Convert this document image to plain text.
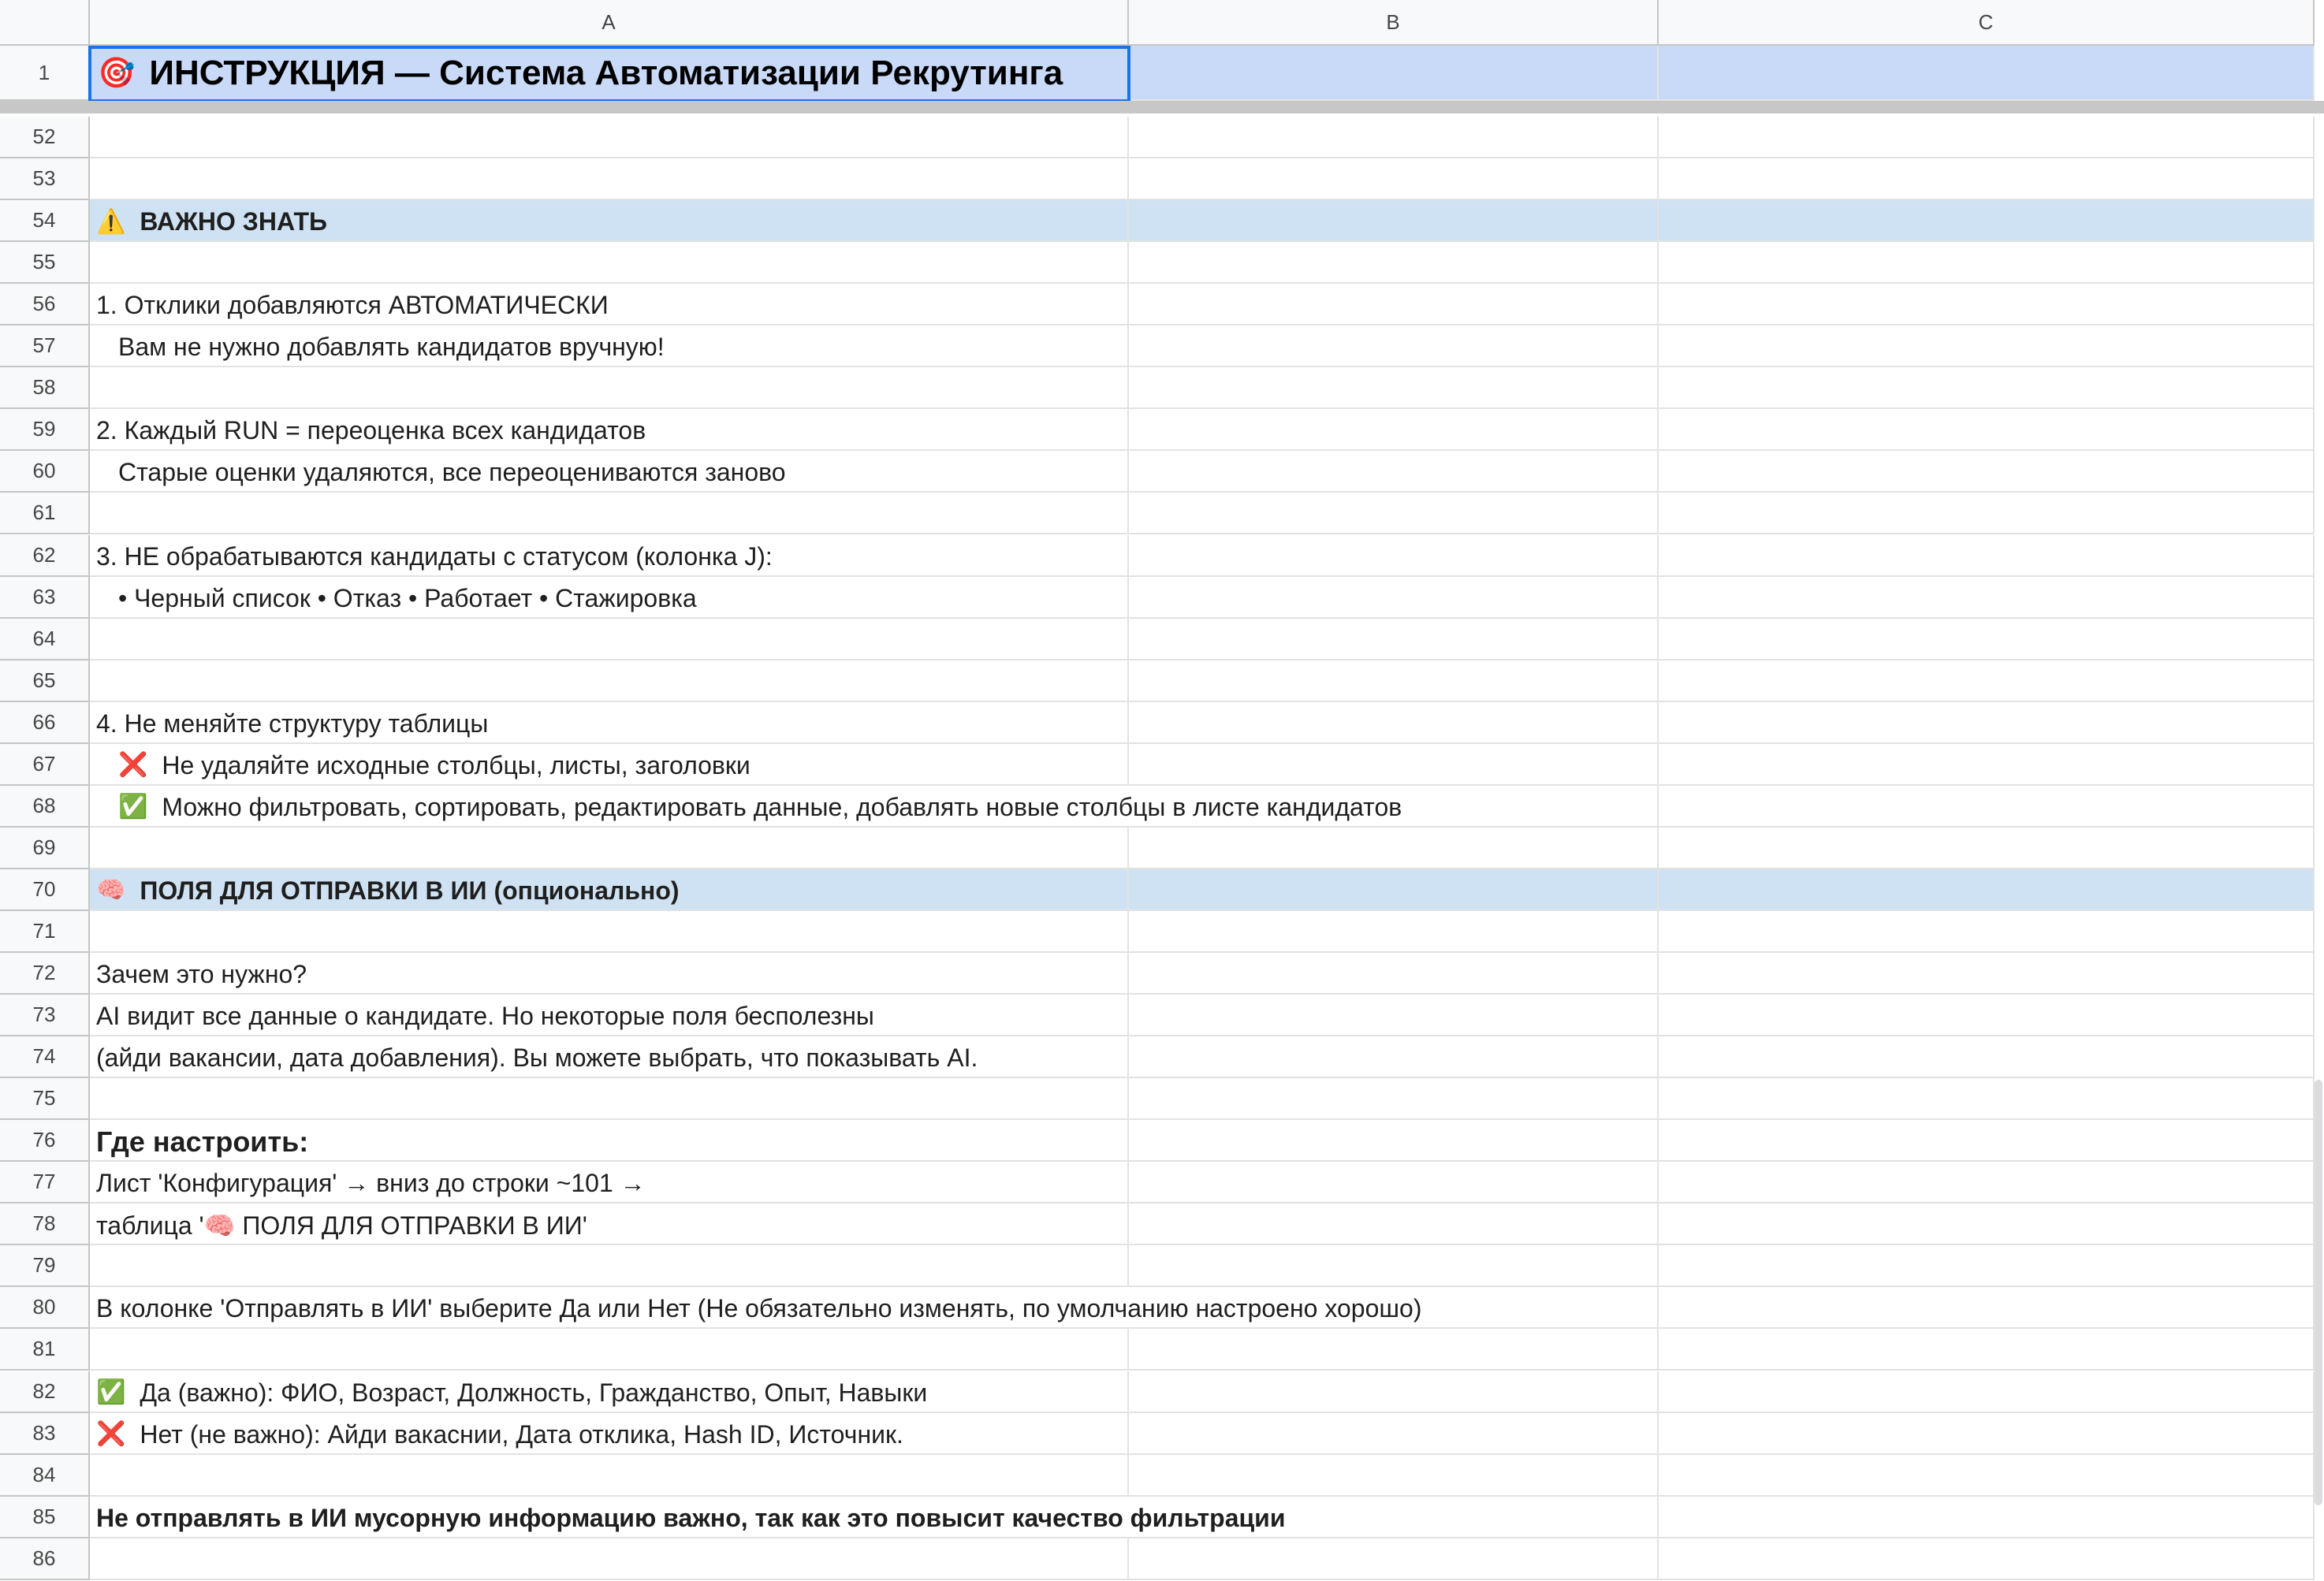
A	B	C
1	🎯 ИНСТРУКЦИЯ — Система Автоматизации Рекрутинга
52
53
54	⚠️ ВАЖНО ЗНАТЬ
55
56	1. Отклики добавляются АВТОМАТИЧЕСКИ
57	Вам не нужно добавлять кандидатов вручную!
58
59	2. Каждый RUN = переоценка всех кандидатов
60	Старые оценки удаляются, все переоцениваются заново
61
62	3. НЕ обрабатываются кандидаты с статусом (колонка J):
63	• Черный список • Отказ • Работает • Стажировка
64
65
66	4. Не меняйте структуру таблицы
67	❌ Не удаляйте исходные столбцы, листы, заголовки
68	✅ Можно фильтровать, сортировать, редактировать данные, добавлять новые столбцы в листе кандидатов
69
70	🧠 ПОЛЯ ДЛЯ ОТПРАВКИ В ИИ (опционально)
71
72	Зачем это нужно?
73	AI видит все данные о кандидате. Но некоторые поля бесполезны
74	(айди вакансии, дата добавления). Вы можете выбрать, что показывать AI.
75
76	Где настроить:
77	Лист 'Конфигурация' → вниз до строки ~101 →
78	таблица '🧠 ПОЛЯ ДЛЯ ОТПРАВКИ В ИИ'
79
80	В колонке 'Отправлять в ИИ' выберите Да или Нет (Не обязательно изменять, по умолчанию настроено хорошо)
81
82	✅ Да (важно): ФИО, Возраст, Должность, Гражданство, Опыт, Навыки
83	❌ Нет (не важно): Айди вакаснии, Дата отклика, Hash ID, Источник.
84
85	Не отправлять в ИИ мусорную информацию важно, так как это повысит качество фильтрации
86
